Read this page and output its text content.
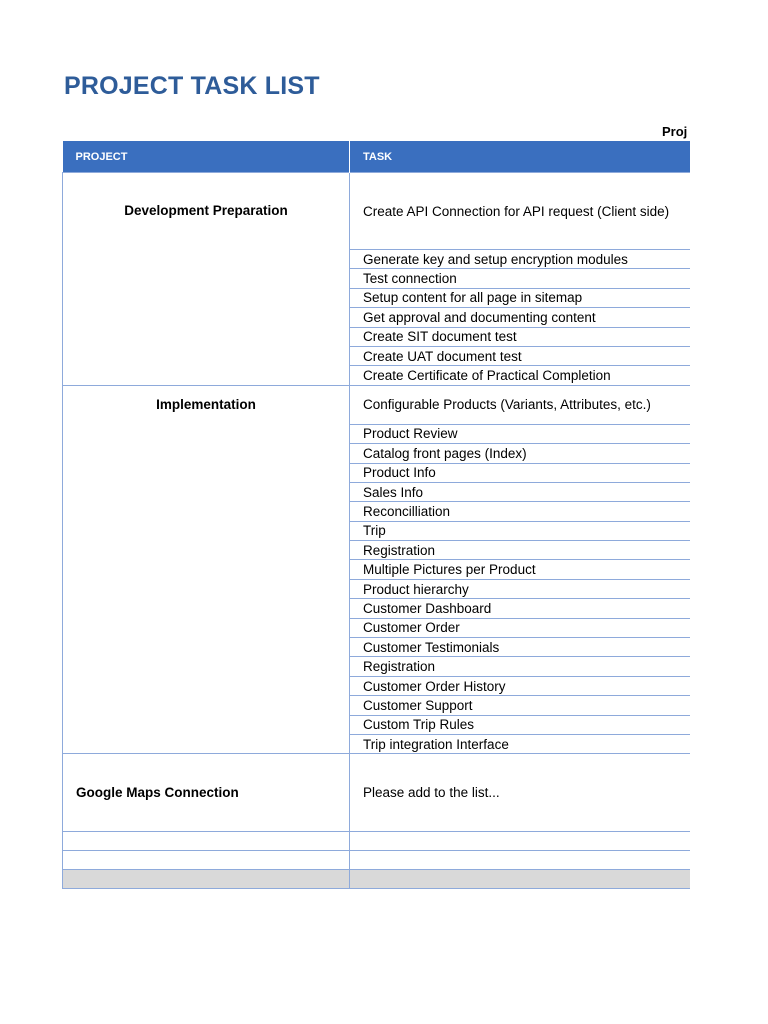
PROJECT TASK LIST
Proj
PROJECT	TASK

Development Preparation	Create API Connection for API request (Client side)
	Generate key and setup encryption modules
	Test connection
	Setup content for all page in sitemap
	Get approval and documenting content
	Create SIT document test
	Create UAT document test
	Create Certificate of Practical Completion

Implementation	Configurable Products (Variants, Attributes, etc.)
	Product Review
	Catalog front pages (Index)
	Product Info
	Sales Info
	Reconcilliation
	Trip
	Registration
	Multiple Pictures per Product
	Product hierarchy
	Customer Dashboard
	Customer Order
	Customer Testimonials
	Registration
	Customer Order History
	Customer Support
	Custom Trip Rules
	Trip integration Interface
Google Maps Connection	Please add to the list...
